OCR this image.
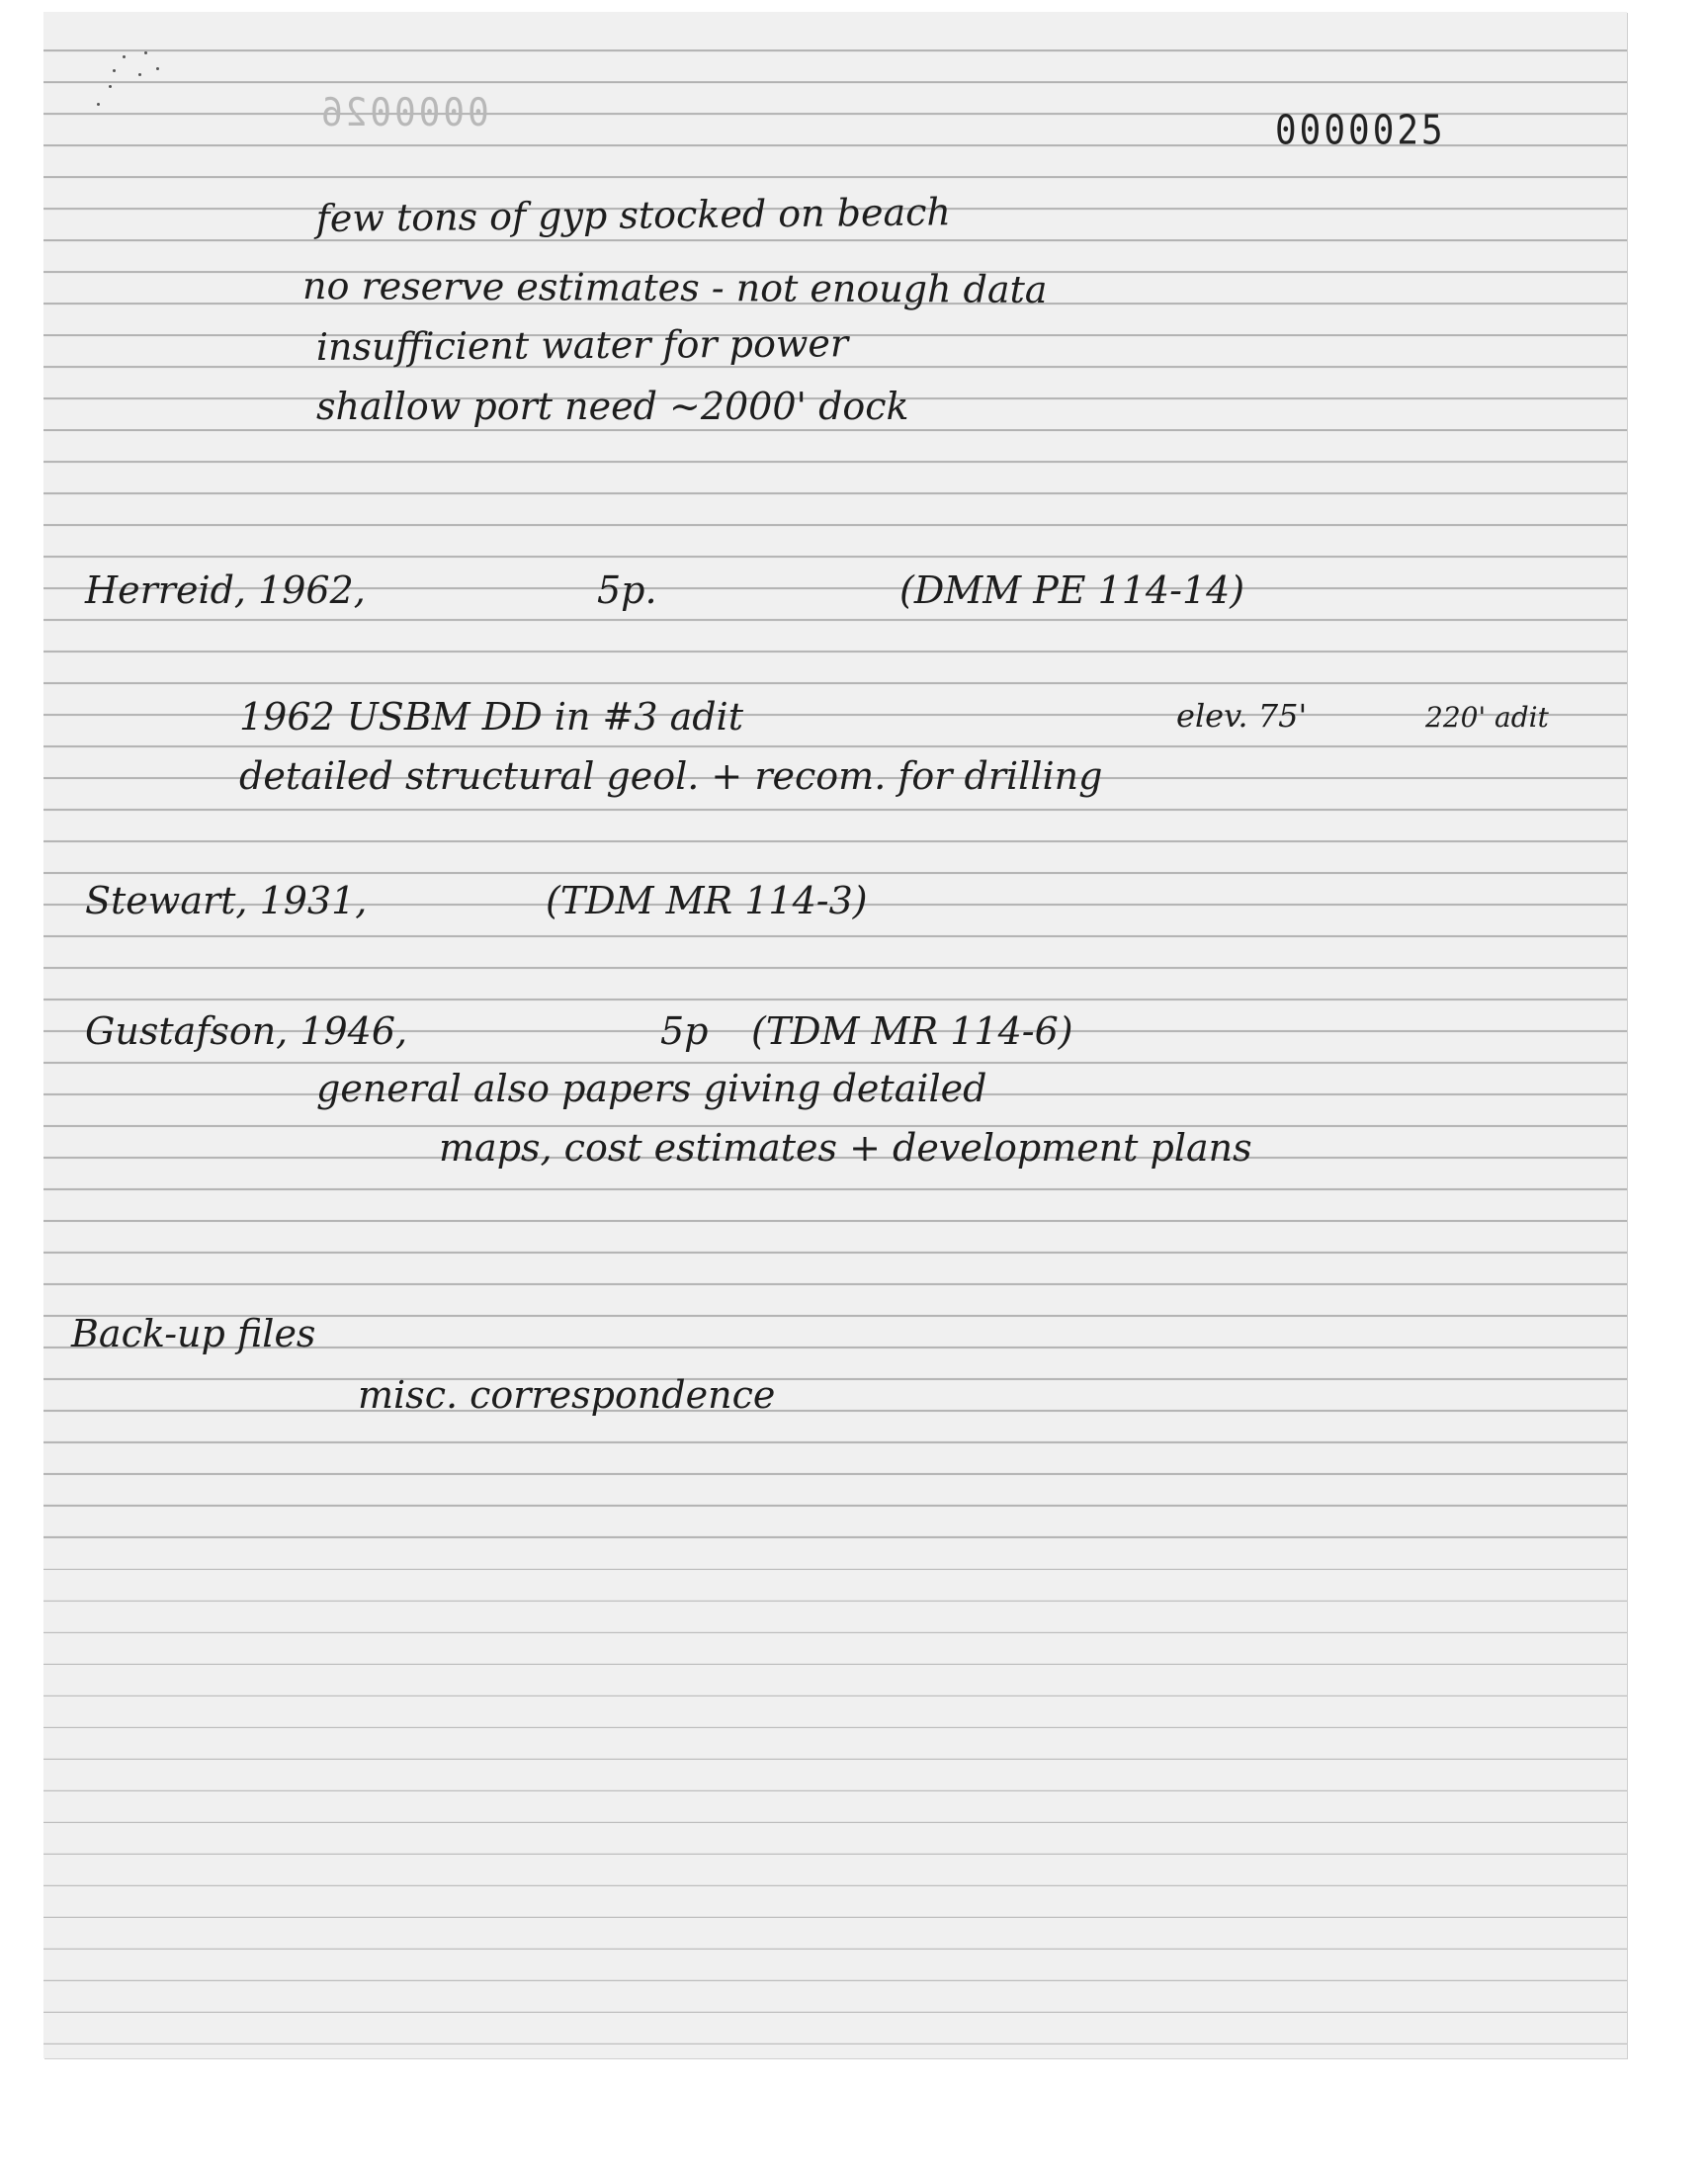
0000026	0000025
few tons of gyp stocked on beach
no reserve estimates - not enough data
insufficient water for power
shallow port need ~2000' dock
Herreid, 1962,	5p.	(DMM PE 114-14)
1962 USBM DD in #3 adit	elev. 75'	220' adit
detailed structural geol. + recom. for drilling
Stewart, 1931,	(TDM MR 114-3)
Gustafson, 1946,	5p (TDM MR 114-6)
general also papers giving detailed
maps, cost estimates + development plans
Back-up files
misc. correspondence
